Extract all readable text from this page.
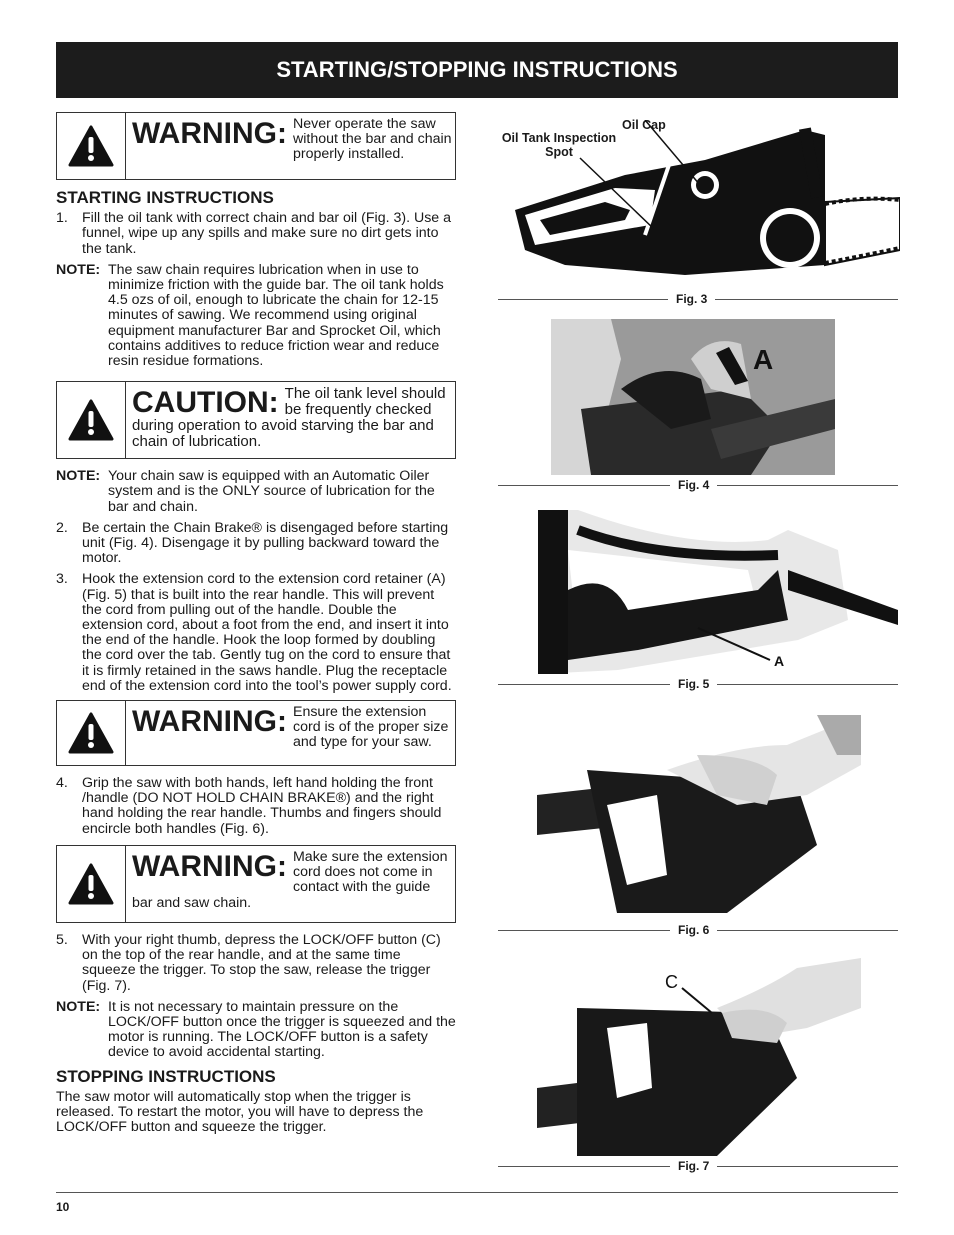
STARTING/STOPPING INSTRUCTIONS
WARNING: Never operate the saw without the bar and chain properly installed.
STARTING INSTRUCTIONS
1. Fill the oil tank with correct chain and bar oil (Fig. 3). Use a funnel, wipe up any spills and make sure no dirt gets into the tank.
NOTE: The saw chain requires lubrication when in use to minimize friction with the guide bar. The oil tank holds 4.5 ozs of oil, enough to lubricate the chain for 12-15 minutes of sawing. We recommend using original equipment manufacturer Bar and Sprocket Oil, which contains additives to reduce friction wear and reduce resin residue formations.
CAUTION: The oil tank level should be frequently checked during operation to avoid starving the bar and chain of lubrication.
NOTE: Your chain saw is equipped with an Automatic Oiler system and is the ONLY source of lubrication for the bar and chain.
2. Be certain the Chain Brake® is disengaged before starting unit (Fig. 4). Disengage it by pulling backward toward the motor.
3. Hook the extension cord to the extension cord retainer (A) (Fig. 5) that is built into the rear handle. This will prevent the cord from pulling out of the handle. Double the extension cord, about a foot from the end, and insert it into the end of the handle. Hook the loop formed by doubling the cord over the tab. Gently tug on the cord to ensure that it is firmly retained in the saws handle. Plug the receptacle end of the extension cord into the tool’s power supply cord.
WARNING: Ensure the extension cord is of the proper size and type for your saw.
4. Grip the saw with both hands, left hand holding the front /handle (DO NOT HOLD CHAIN BRAKE®) and the right hand holding the rear handle. Thumbs and fingers should encircle both handles (Fig. 6).
WARNING: Make sure the extension cord does not come in contact with the guide bar and saw chain.
5. With your right thumb, depress the LOCK/OFF button (C) on the top of the rear handle, and at the same time squeeze the trigger. To stop the saw, release the trigger (Fig. 7).
NOTE: It is not necessary to maintain pressure on the LOCK/OFF button once the trigger is squeezed and the motor is running. The LOCK/OFF button is a safety device to avoid accidental starting.
STOPPING INSTRUCTIONS
The saw motor will automatically stop when the trigger is released. To restart the motor, you will have to depress the LOCK/OFF button and squeeze the trigger.
Oil Cap
Oil Tank Inspection Spot
Fig. 3
A
Fig. 4
A
Fig. 5
Fig. 6
C
Fig. 7
10
